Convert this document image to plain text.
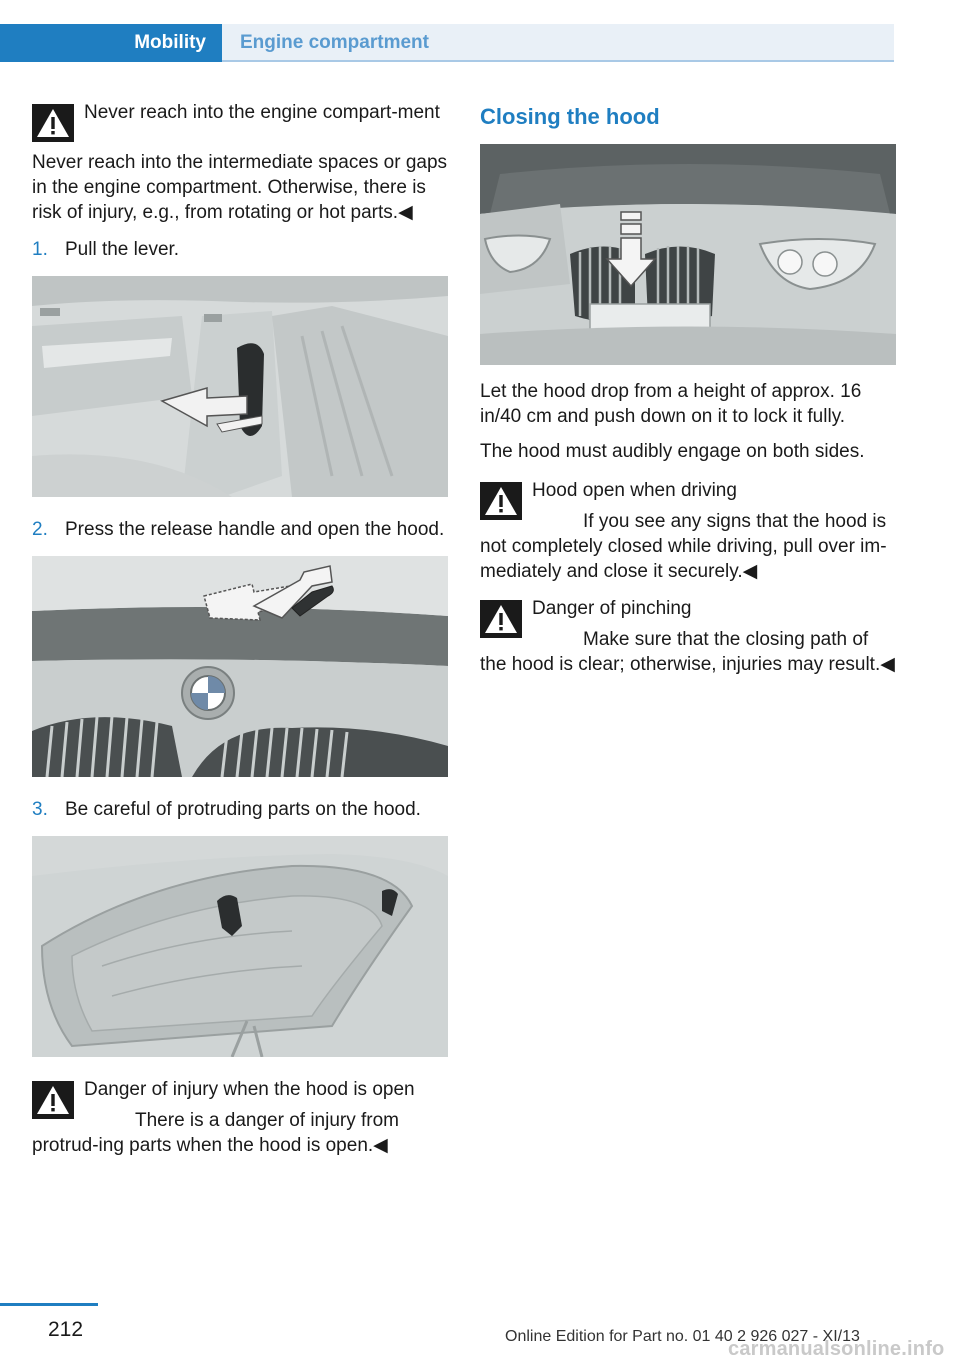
Mobility	Engine compartment
Never reach into the engine compart‐ment
Never reach into the intermediate spaces or gaps in the engine compartment. Otherwise, there is risk of injury, e.g., from rotating or hot parts.◀
1. Pull the lever.
2. Press the release handle and open the hood.
3. Be careful of protruding parts on the hood.
Danger of injury when the hood is open
There is a danger of injury from protrud‐ing parts when the hood is open.◀
Closing the hood

Let the hood drop from a height of approx. 16 in/40 cm and push down on it to lock it fully.

The hood must audibly engage on both sides.

Hood open when driving
If you see any signs that the hood is not completely closed while driving, pull over im‐mediately and close it securely.◀
Danger of pinching
Make sure that the closing path of the hood is clear; otherwise, injuries may result.◀
212	Online Edition for Part no. 01 40 2 926 027 - XI/13
carmanualsonline.info
